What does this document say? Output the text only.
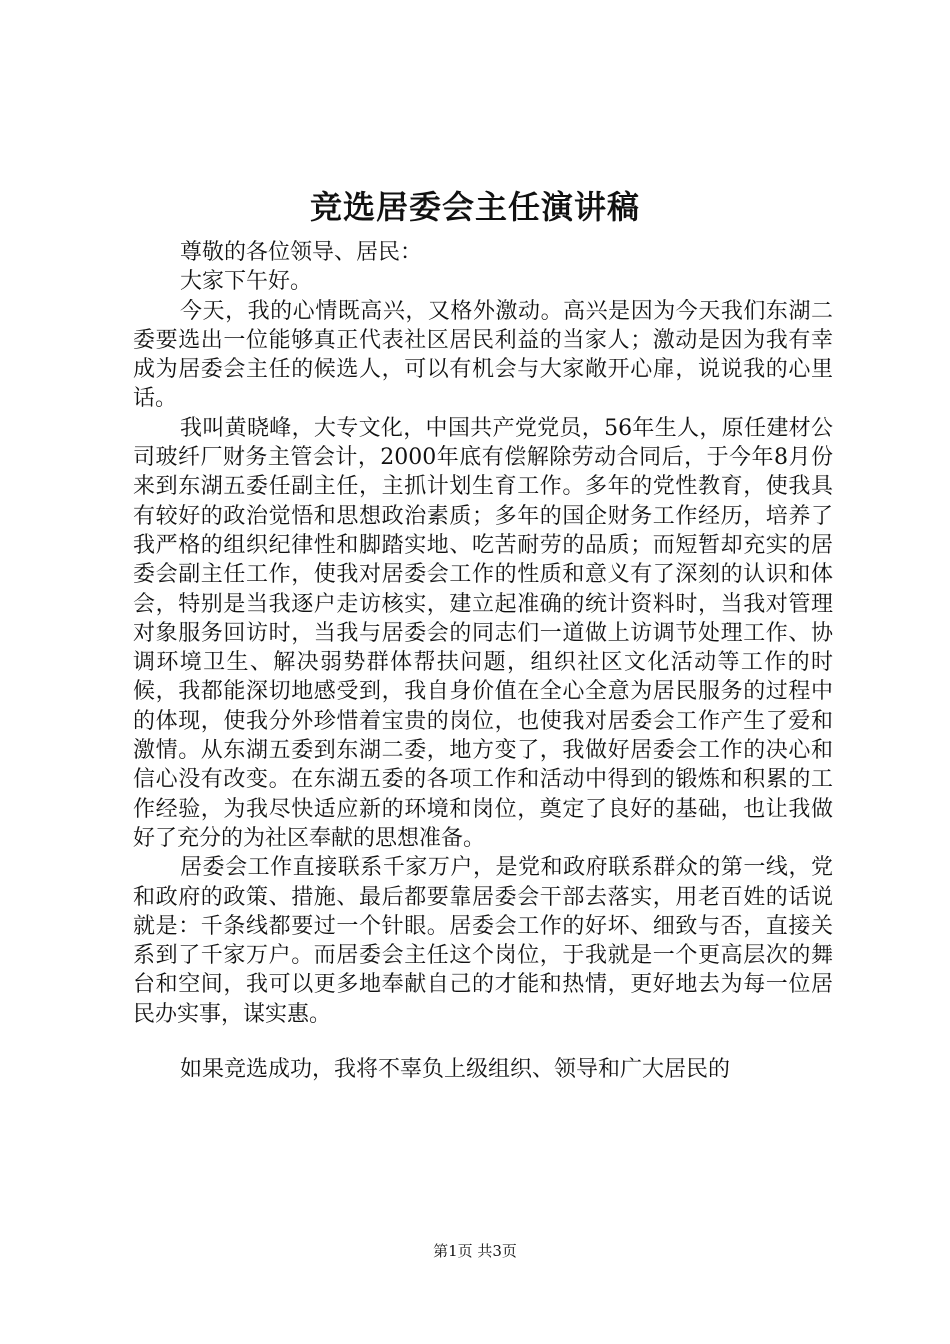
竞选居委会主任演讲稿

尊敬的各位领导、居民：

大家下午好。

今天，我的心情既高兴，又格外激动。高兴是因为今天我们东湖二委要选出一位能够真正代表社区居民利益的当家人；激动是因为我有幸成为居委会主任的候选人，可以有机会与大家敞开心扉，说说我的心里话。

我叫黄晓峰，大专文化，中国共产党党员，56年生人，原任建材公司玻纤厂财务主管会计，2000年底有偿解除劳动合同后，于今年8月份来到东湖五委任副主任，主抓计划生育工作。多年的党性教育，使我具有较好的政治觉悟和思想政治素质；多年的国企财务工作经历，培养了我严格的组织纪律性和脚踏实地、吃苦耐劳的品质；而短暂却充实的居委会副主任工作，使我对居委会工作的性质和意义有了深刻的认识和体会，特别是当我逐户走访核实，建立起准确的统计资料时，当我对管理对象服务回访时，当我与居委会的同志们一道做上访调节处理工作、协调环境卫生、解决弱势群体帮扶问题，组织社区文化活动等工作的时候，我都能深切地感受到，我自身价值在全心全意为居民服务的过程中的体现，使我分外珍惜着宝贵的岗位，也使我对居委会工作产生了爱和激情。从东湖五委到东湖二委，地方变了，我做好居委会工作的决心和信心没有改变。在东湖五委的各项工作和活动中得到的锻炼和积累的工作经验，为我尽快适应新的环境和岗位，奠定了良好的基础，也让我做好了充分的为社区奉献的思想准备。

居委会工作直接联系千家万户，是党和政府联系群众的第一线，党和政府的政策、措施、最后都要靠居委会干部去落实，用老百姓的话说就是：千条线都要过一个针眼。居委会工作的好坏、细致与否，直接关系到了千家万户。而居委会主任这个岗位，于我就是一个更高层次的舞台和空间，我可以更多地奉献自己的才能和热情，更好地去为每一位居民办实事，谋实惠。

如果竞选成功，我将不辜负上级组织、领导和广大居民的

第1页 共3页
